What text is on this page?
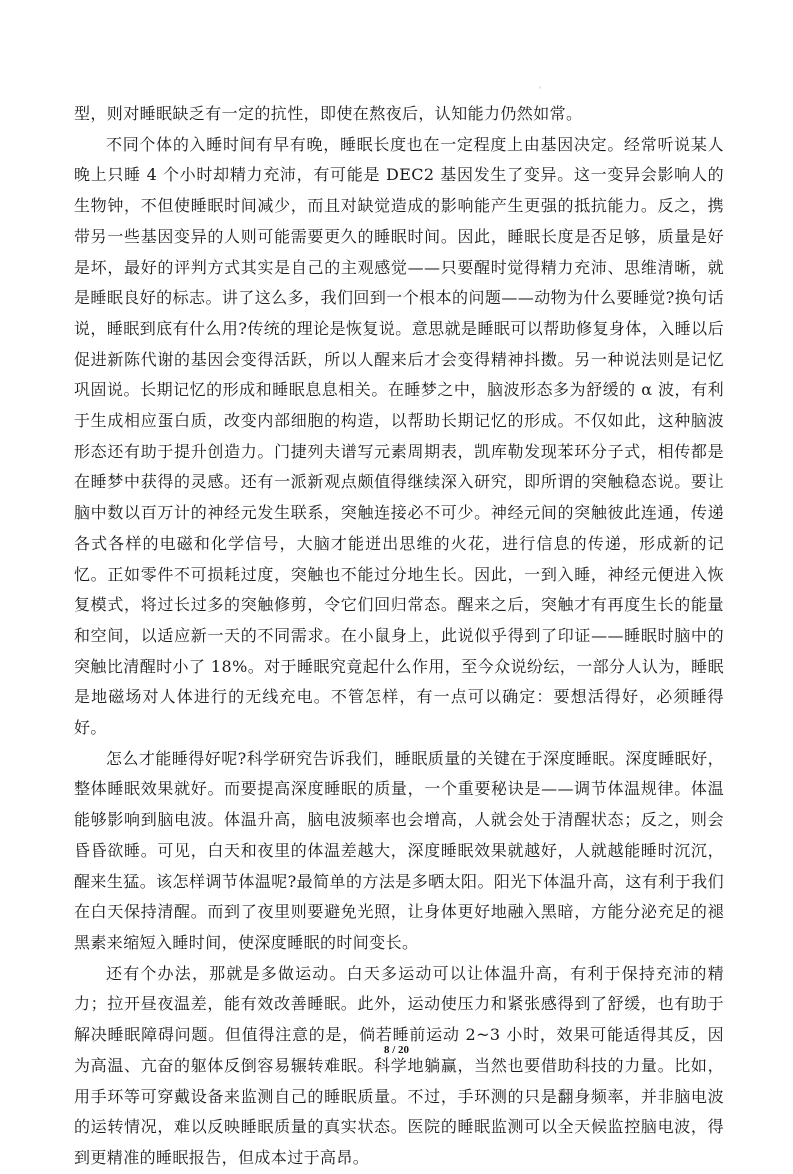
'

型，则对睡眠缺乏有一定的抗性，即使在熬夜后，认知能力仍然如常。

不同个体的入睡时间有早有晚，睡眠长度也在一定程度上由基因决定。经常听说某人晚上只睡 4 个小时却精力充沛，有可能是 DEC2 基因发生了变异。这一变异会影响人的生物钟，不但使睡眠时间减少，而且对缺觉造成的影响能产生更强的抵抗能力。反之，携带另一些基因变异的人则可能需要更久的睡眠时间。因此，睡眠长度是否足够，质量是好是坏，最好的评判方式其实是自己的主观感觉——只要醒时觉得精力充沛、思维清晰，就是睡眠良好的标志。讲了这么多，我们回到一个根本的问题——动物为什么要睡觉?换句话说，睡眠到底有什么用?传统的理论是恢复说。意思就是睡眠可以帮助修复身体，入睡以后促进新陈代谢的基因会变得活跃，所以人醒来后才会变得精神抖擞。另一种说法则是记忆巩固说。长期记忆的形成和睡眠息息相关。在睡梦之中，脑波形态多为舒缓的 α 波，有利于生成相应蛋白质，改变内部细胞的构造，以帮助长期记忆的形成。不仅如此，这种脑波形态还有助于提升创造力。门捷列夫谱写元素周期表，凯库勒发现苯环分子式，相传都是在睡梦中获得的灵感。还有一派新观点颇值得继续深入研究，即所谓的突触稳态说。要让脑中数以百万计的神经元发生联系，突触连接必不可少。神经元间的突触彼此连通，传递各式各样的电磁和化学信号，大脑才能迸出思维的火花，进行信息的传递，形成新的记忆。正如零件不可损耗过度，突触也不能过分地生长。因此，一到入睡，神经元便进入恢复模式，将过长过多的突触修剪，令它们回归常态。醒来之后，突触才有再度生长的能量和空间，以适应新一天的不同需求。在小鼠身上，此说似乎得到了印证——睡眠时脑中的突触比清醒时小了 18%。对于睡眠究竟起什么作用，至今众说纷纭，一部分人认为，睡眠是地磁场对人体进行的无线充电。不管怎样，有一点可以确定：要想活得好，必须睡得好。

怎么才能睡得好呢?科学研究告诉我们，睡眠质量的关键在于深度睡眠。深度睡眠好，整体睡眠效果就好。而要提高深度睡眠的质量，一个重要秘诀是——调节体温规律。体温能够影响到脑电波。体温升高，脑电波频率也会增高，人就会处于清醒状态；反之，则会昏昏欲睡。可见，白天和夜里的体温差越大，深度睡眠效果就越好，人就越能睡时沉沉，醒来生猛。该怎样调节体温呢?最简单的方法是多晒太阳。阳光下体温升高，这有利于我们在白天保持清醒。而到了夜里则要避免光照，让身体更好地融入黑暗，方能分泌充足的褪黑素来缩短入睡时间，使深度睡眠的时间变长。

还有个办法，那就是多做运动。白天多运动可以让体温升高，有利于保持充沛的精力；拉开昼夜温差，能有效改善睡眠。此外，运动使压力和紧张感得到了舒缓，也有助于解决睡眠障碍问题。但值得注意的是，倘若睡前运动 2~3 小时，效果可能适得其反，因为高温、亢奋的躯体反倒容易辗转难眠。科学地躺赢，当然也要借助科技的力量。比如，用手环等可穿戴设备来监测自己的睡眠质量。不过，手环测的只是翻身频率，并非脑电波的运转情况，难以反映睡眠质量的真实状态。医院的睡眠监测可以全天候监控脑电波，得到更精准的睡眠报告，但成本过于高昂。

8 / 20
